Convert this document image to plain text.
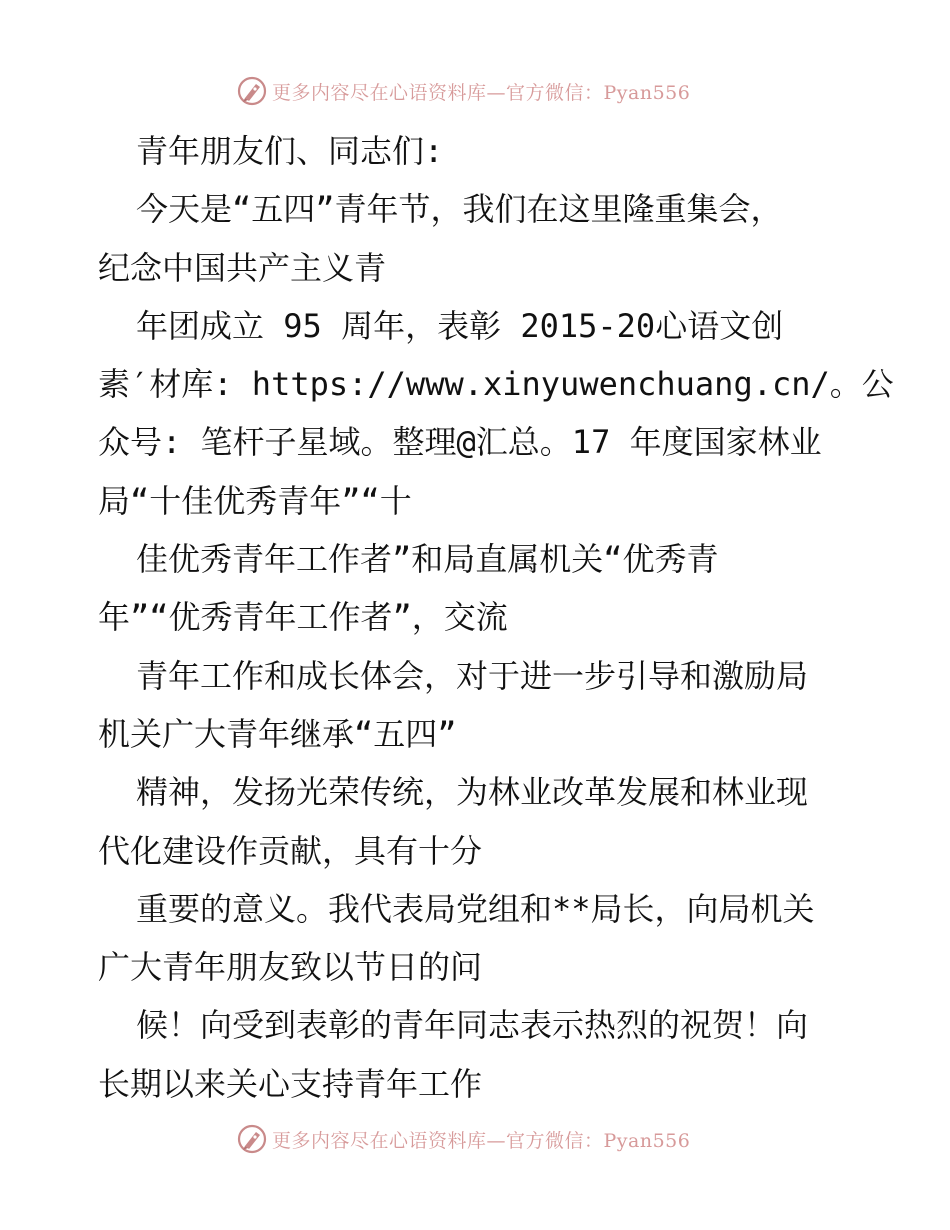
更多内容尽在心语资料库—官方微信：Pyan556
青年朋友们、同志们:
今天是“五四”青年节，我们在这里隆重集会，
纪念中国共产主义青
年团成立 95 周年，表彰 2015-20心语文创
素′材库: https://www.xinyuwenchuang.cn/。公
众号: 笔杆子星域。整理@汇总。17 年度国家林业
局“十佳优秀青年”“十
佳优秀青年工作者”和局直属机关“优秀青
年”“优秀青年工作者”，交流
青年工作和成长体会，对于进一步引导和激励局
机关广大青年继承“五四”
精神，发扬光荣传统，为林业改革发展和林业现
代化建设作贡献，具有十分
重要的意义。我代表局党组和**局长，向局机关
广大青年朋友致以节日的问
候！向受到表彰的青年同志表示热烈的祝贺！向
长期以来关心支持青年工作
更多内容尽在心语资料库—官方微信：Pyan556
